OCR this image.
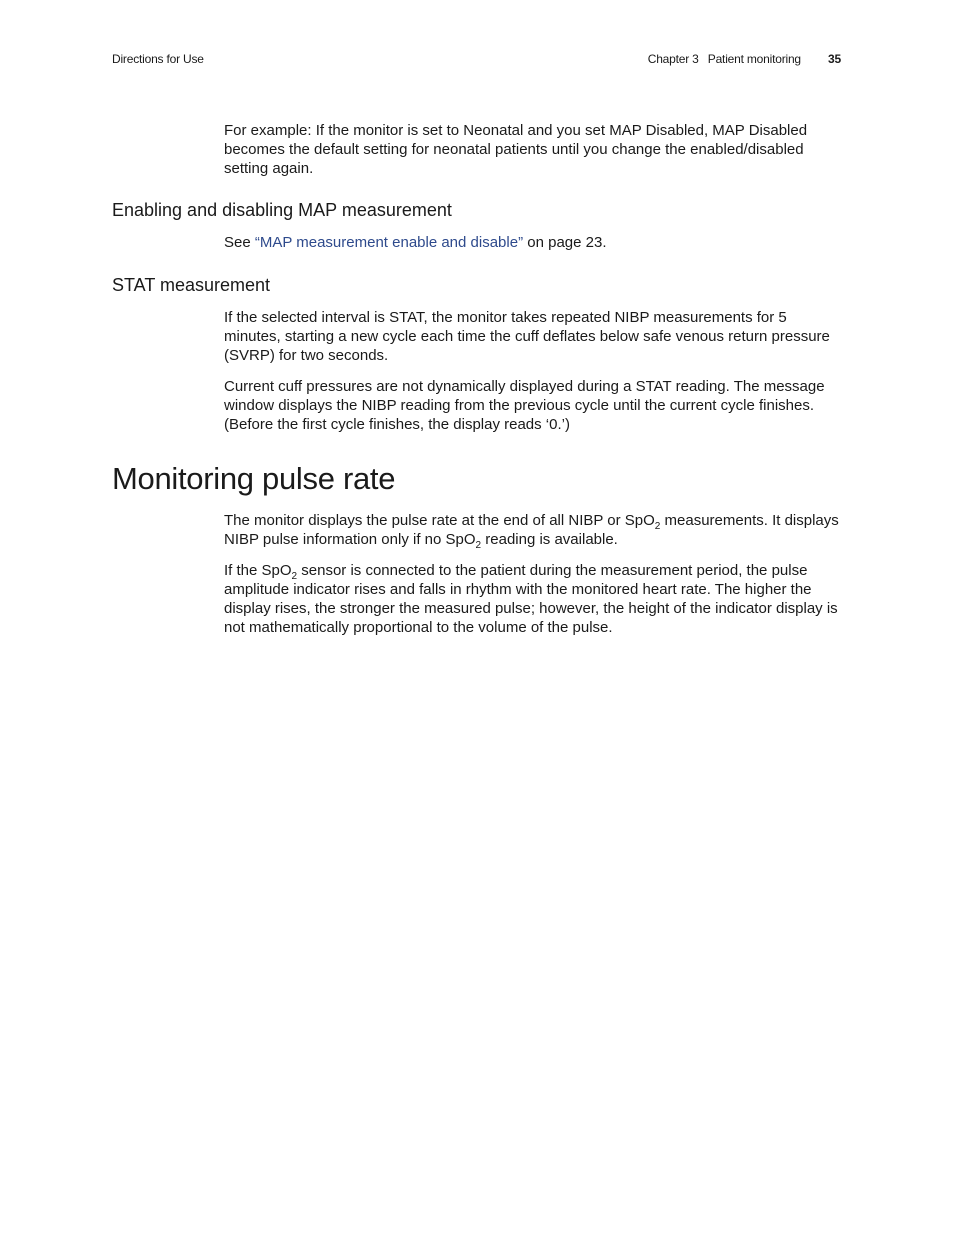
Directions for Use	Chapter 3 Patient monitoring 35

For example: If the monitor is set to Neonatal and you set MAP Disabled, MAP Disabled becomes the default setting for neonatal patients until you change the enabled/disabled setting again.

Enabling and disabling MAP measurement

See “MAP measurement enable and disable” on page 23.

STAT measurement

If the selected interval is STAT, the monitor takes repeated NIBP measurements for 5 minutes, starting a new cycle each time the cuff deflates below safe venous return pressure (SVRP) for two seconds.

Current cuff pressures are not dynamically displayed during a STAT reading. The message window displays the NIBP reading from the previous cycle until the current cycle finishes. (Before the first cycle finishes, the display reads ‘0.’)

Monitoring pulse rate

The monitor displays the pulse rate at the end of all NIBP or SpO$_2$ measurements. It displays NIBP pulse information only if no SpO$_2$ reading is available.

If the SpO$_2$ sensor is connected to the patient during the measurement period, the pulse amplitude indicator rises and falls in rhythm with the monitored heart rate. The higher the display rises, the stronger the measured pulse; however, the height of the indicator display is not mathematically proportional to the volume of the pulse.
